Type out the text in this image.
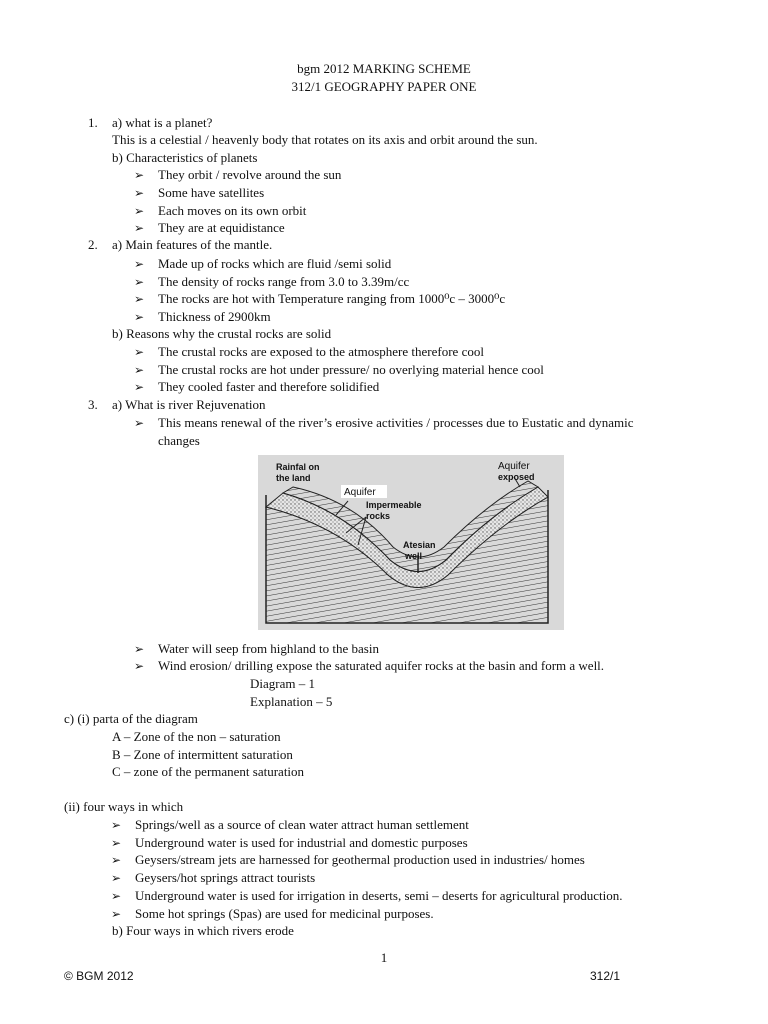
bgm 2012 MARKING SCHEME
312/1 GEOGRAPHY PAPER ONE
1. a) what is a planet?
This is a celestial / heavenly body that rotates on its axis and orbit around the sun.
b) Characteristics of planets
➢ They orbit / revolve around the sun
➢ Some have satellites
➢ Each moves on its own orbit
➢ They are at equidistance
2. a) Main features of the mantle.
➢ Made up of rocks which are fluid /semi solid
➢ The density of rocks range from 3.0 to 3.39m/cc
➢ The rocks are hot with Temperature ranging from 1000⁰c – 3000⁰c
➢ Thickness of 2900km
b) Reasons why the crustal rocks are solid
➢ The crustal rocks are exposed to the atmosphere therefore cool
➢ The crustal rocks are hot under pressure/ no overlying material hence cool
➢ They cooled faster and therefore solidified
3. a) What is river Rejuvenation
➢ This means renewal of the river’s erosive activities / processes due to Eustatic and dynamic
changes
Rainfal on
the land
Aquifer
exposed
Aquifer
Impermeable
rocks
Atesian
well
➢ Water will seep from highland to the basin
➢ Wind erosion/ drilling expose the saturated aquifer rocks at the basin and form a well.
Diagram – 1
Explanation – 5
c) (i) parta of the diagram
A – Zone of the non – saturation
B – Zone of intermittent saturation
C – zone of the permanent saturation
(ii) four ways in which
➢ Springs/well as a source of clean water attract human settlement
➢ Underground water is used for industrial and domestic purposes
➢ Geysers/stream jets are harnessed for geothermal production used in industries/ homes
➢ Geysers/hot springs attract tourists
➢ Underground water is used for irrigation in deserts, semi – deserts for agricultural production.
➢ Some hot springs (Spas) are used for medicinal purposes.
b) Four ways in which rivers erode
1
© BGM 2012	312/1
